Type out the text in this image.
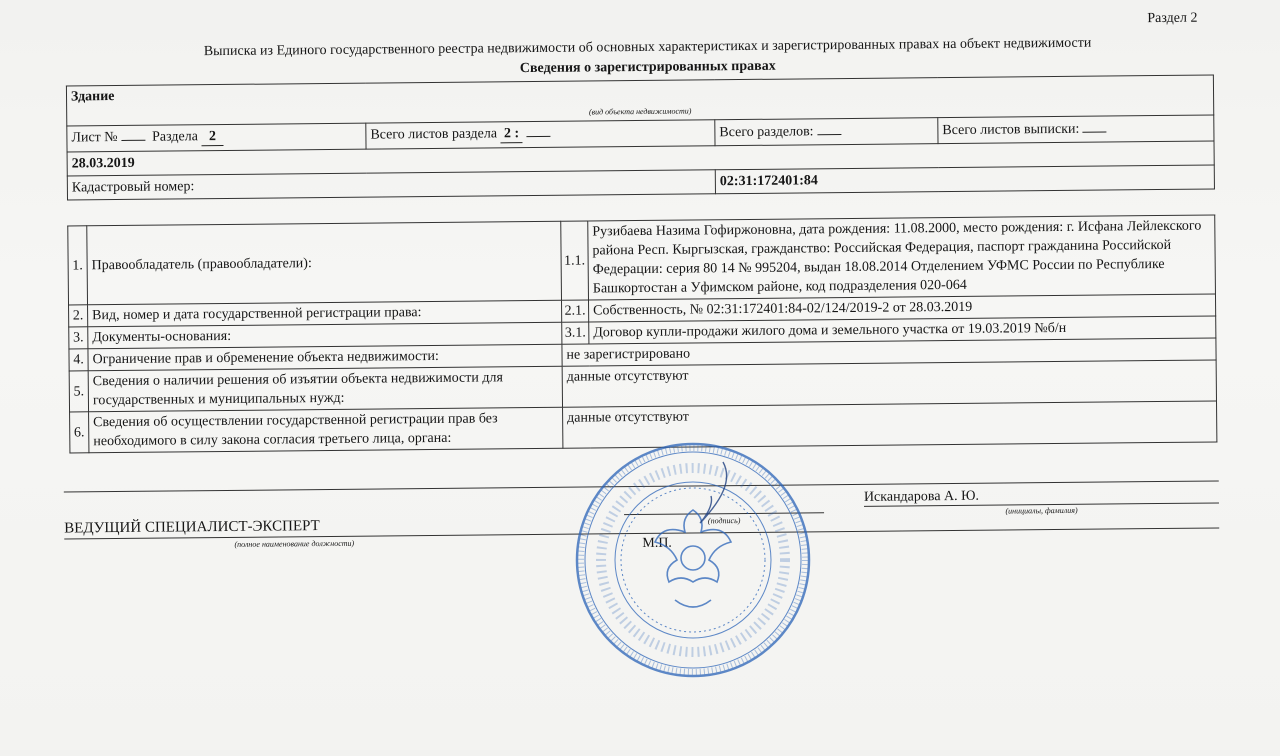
Раздел 2
Выписка из Единого государственного реестра недвижимости об основных характеристиках и зарегистрированных правах на объект недвижимости
Сведения о зарегистрированных правах
Здание			
(вид объекта недвижимости)			
Лист № Раздела 2	Всего листов раздела 2 :	Всего разделов:	Всего листов выписки:
28.03.2019			
Кадастровый номер:		02:31:172401:84	
1.	Правообладатель (правообладатели):	1.1.	Рузибаева Назима Гофиржоновна, дата рождения: 11.08.2000, место рождения: г. Исфана Лейлекского района Респ. Кыргызская, гражданство: Российская Федерация, паспорт гражданина Российской Федерации: серия 80 14 № 995204, выдан 18.08.2014 Отделением УФМС России по Республике Башкортостан а Уфимском районе, код подразделения 020-064
2.	Вид, номер и дата государственной регистрации права:	2.1.	Собственность, № 02:31:172401:84-02/124/2019-2 от 28.03.2019
3.	Документы-основания:	3.1.	Договор купли-продажи жилого дома и земельного участка от 19.03.2019 №б/н
4.	Ограничение прав и обременение объекта недвижимости:	не зарегистрировано	
5.	Сведения о наличии решения об изъятии объекта недвижимости для государственных и муниципальных нужд:	данные отсутствуют	
6.	Сведения об осуществлении государственной регистрации прав без необходимого в силу закона согласия третьего лица, органа:	данные отсутствуют	
Искандарова А. Ю.
ВЕДУЩИЙ СПЕЦИАЛИСТ-ЭКСПЕРТ
(инициалы, фамилия)
(подпись)
(полное наименование должности)	М.П.
